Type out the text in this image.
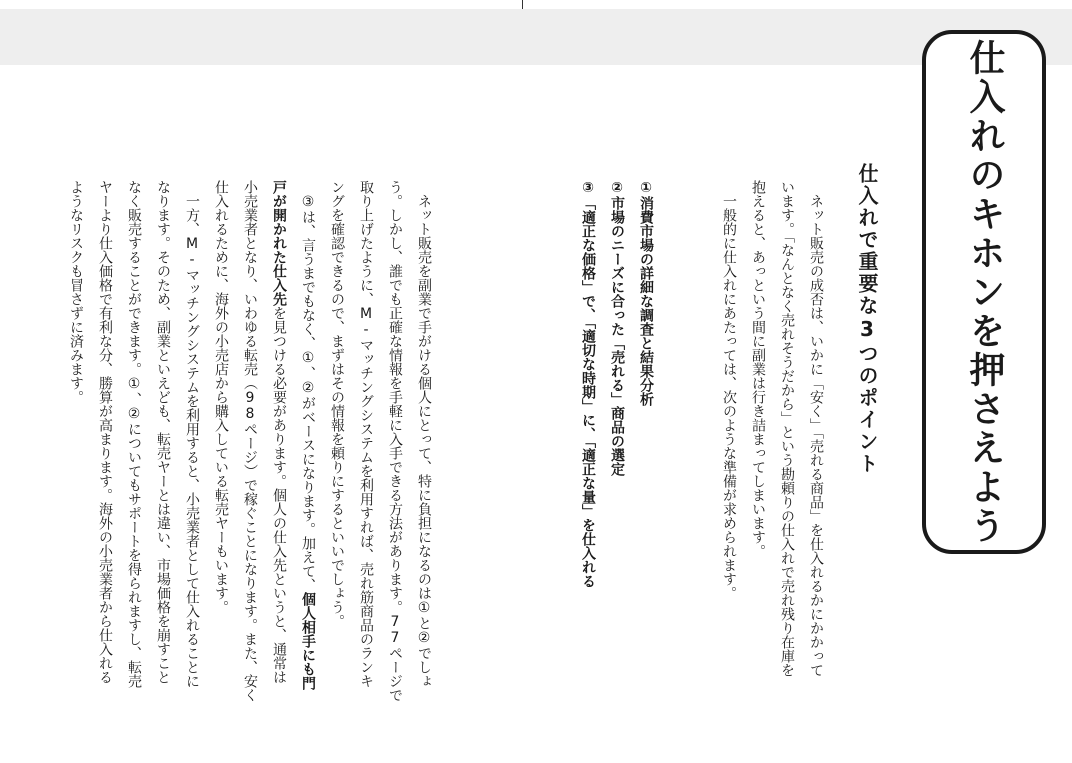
仕入れのキホンを押さえよう
仕入れで重要な3つのポイント
ネット販売の成否は、いかに「安く」「売れる商品」を仕入れるかにかかって
います。「なんとなく売れそうだから」という勘頼りの仕入れで売れ残り在庫を
抱えると、あっという間に副業は行き詰まってしまいます。
一般的に仕入れにあたっては、次のような準備が求められます。
①消費市場の詳細な調査と結果分析
②市場のニーズに合った「売れる」商品の選定
③「適正な価格」で、「適切な時期」に、「適正な量」を仕入れる
ネット販売を副業で手がける個人にとって、特に負担になるのは①と②でしょ
う。しかし、誰でも正確な情報を手軽に入手できる方法があります。77ページで
取り上げたように、M-マッチングシステムを利用すれば、売れ筋商品のランキ
ングを確認できるので、まずはその情報を頼りにするといいでしょう。
③は、言うまでもなく、①、②がベースになります。加えて、個人相手にも門
戸が開かれた仕入先を見つける必要があります。個人の仕入先というと、通常は
小売業者となり、いわゆる転売（98ページ）で稼ぐことになります。また、安く
仕入れるために、海外の小売店から購入している転売ヤーもいます。
一方、M-マッチングシステムを利用すると、小売業者として仕入れることに
なります。そのため、副業といえども、転売ヤーとは違い、市場価格を崩すこと
なく販売することができます。①、②についてもサポートを得られますし、転売
ヤーより仕入価格で有利な分、勝算が高まります。海外の小売業者から仕入れる
ようなリスクも冒さずに済みます。
